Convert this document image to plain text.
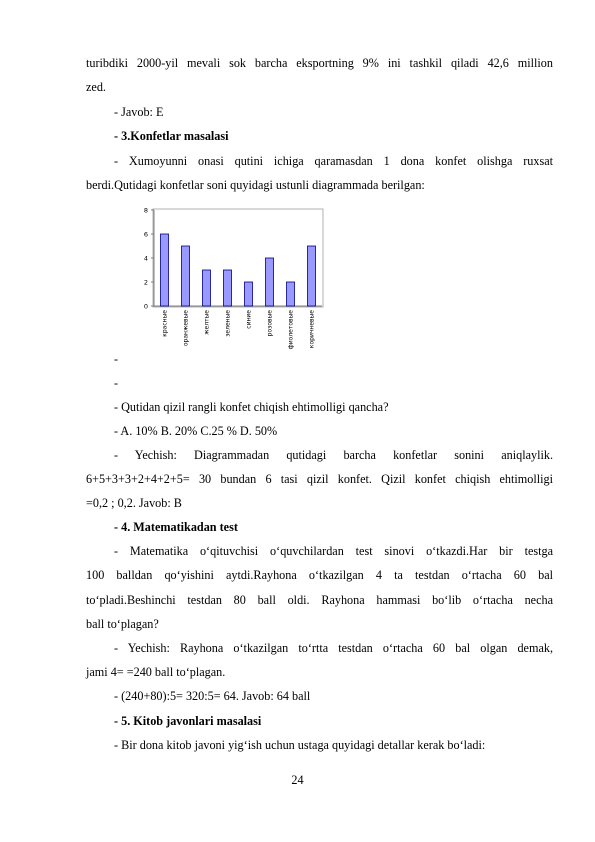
turibdiki 2000-yil mevali sok barcha eksportning 9% ini tashkil qiladi 42,6 million
zed.
- Javob: E
- 3.Konfetlar masalasi
- Xumoyunni onasi qutini ichiga qaramasdan 1 dona konfet olishga ruxsat
berdi.Qutidagi konfetlar soni quyidagi ustunli diagrammada berilgan:
0
2
4
6
8
красные оранжевые желтые зеленые синие розовые фиолетовые коричневые
-
-
- Qutidan qizil rangli konfet chiqish ehtimolligi qancha?
- A. 10% B. 20% C.25 % D. 50%
- Yechish: Diagrammadan qutidagi barcha konfetlar sonini aniqlaylik.
6+5+3+3+2+4+2+5= 30 bundan 6 tasi qizil konfet. Qizil konfet chiqish ehtimolligi
=0,2 ; 0,2. Javob: B
- 4. Matematikadan test
- Matematika o‘qituvchisi o‘quvchilardan test sinovi o‘tkazdi.Har bir testga
100 balldan qo‘yishini aytdi.Rayhona o‘tkazilgan 4 ta testdan o‘rtacha 60 bal
to‘pladi.Beshinchi testdan 80 ball oldi. Rayhona hammasi bo‘lib o‘rtacha necha
ball to‘plagan?
- Yechish: Rayhona o‘tkazilgan to‘rtta testdan o‘rtacha 60 bal olgan demak,
jami 4= =240 ball to‘plagan.
- (240+80):5= 320:5= 64. Javob: 64 ball
- 5. Kitob javonlari masalasi
- Bir dona kitob javoni yig‘ish uchun ustaga quyidagi detallar kerak bo‘ladi:
24
